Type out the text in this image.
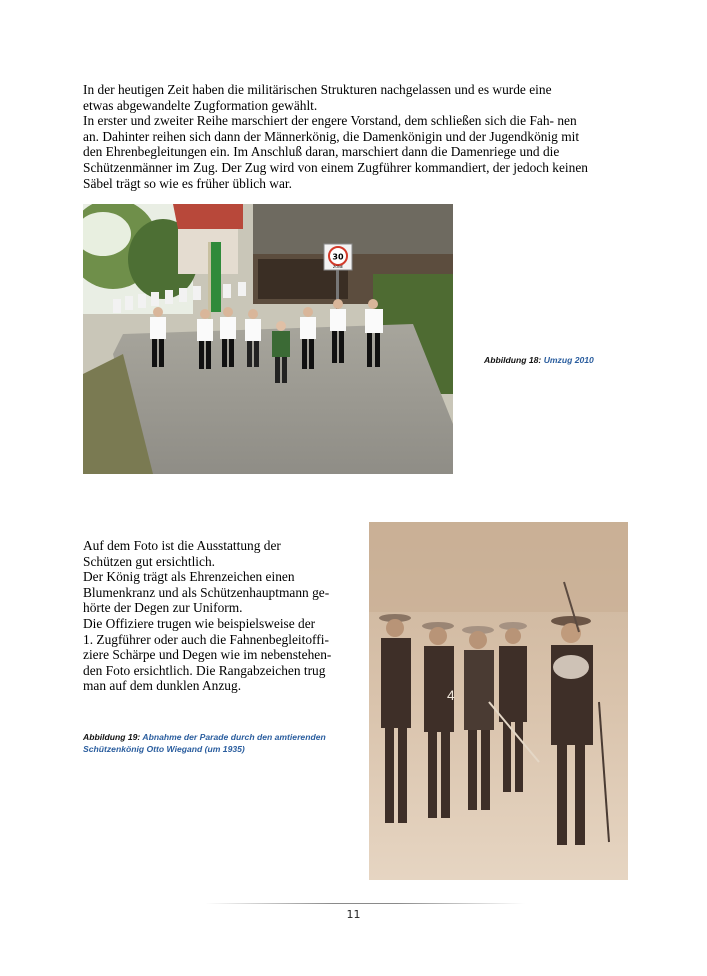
In der heutigen Zeit haben die militärischen Strukturen nachgelassen und es wurde eine
etwas abgewandelte Zugformation gewählt.
In erster und zweiter Reihe marschiert der engere Vorstand, dem schließen sich die Fah- nen
an. Dahinter reihen sich dann der Männerkönig, die Damenkönigin und der Jugendkönig mit
den Ehrenbegleitungen ein. Im Anschluß daran, marschiert dann die Damenriege und die
Schützenmänner im Zug. Der Zug wird von einem Zugführer kommandiert, der jedoch keinen
Säbel trägt so wie es früher üblich war.
30
ZONE
Abbildung 18: Umzug 2010
Auf dem Foto ist die Ausstattung der
Schützen gut ersichtlich.
Der König trägt als Ehrenzeichen einen
Blumenkranz und als Schützenhauptmann ge-
hörte der Degen zur Uniform.
Die Offiziere trugen wie beispielsweise der
1. Zugführer oder auch die Fahnenbegleitoffi-
ziere Schärpe und Degen wie im nebenstehen-
den Foto ersichtlich. Die Rangabzeichen trug
man auf dem dunklen Anzug.
Abbildung 19: Abnahme der Parade durch den amtierenden Schützenkönig Otto Wiegand (um 1935)
4
11
